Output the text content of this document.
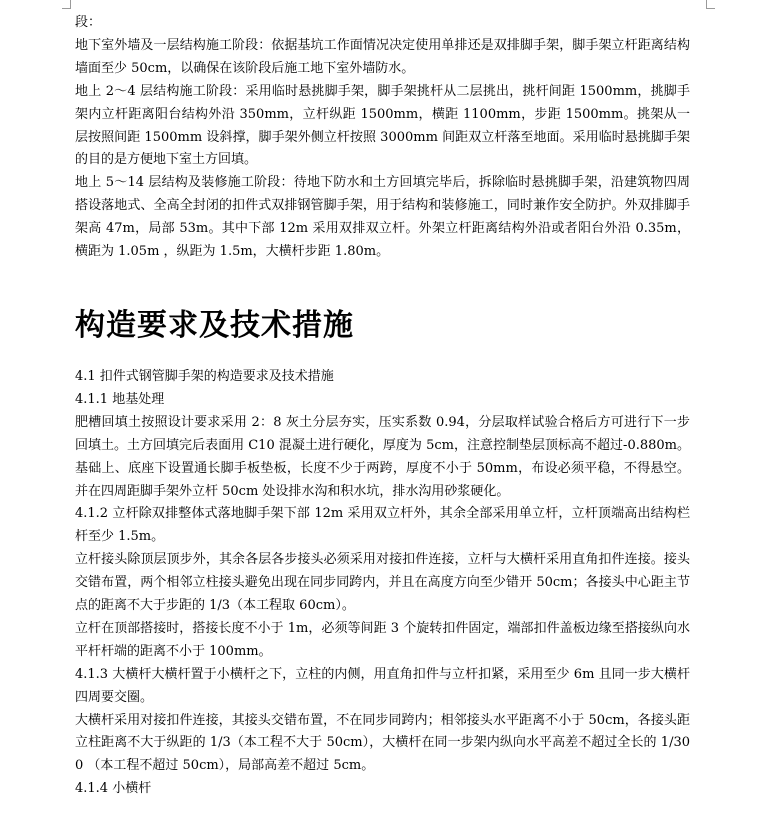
段：

地下室外墙及一层结构施工阶段：依据基坑工作面情况决定使用单排还是双排脚手架，脚手架立杆距离结构墙面至少 50cm，以确保在该阶段后施工地下室外墙防水。

地上 2～4 层结构施工阶段：采用临时悬挑脚手架，脚手架挑杆从二层挑出，挑杆间距 1500mm，挑脚手架内立杆距离阳台结构外沿 350mm，立杆纵距 1500mm，横距 1100mm，步距 1500mm。挑架从一层按照间距 1500mm 设斜撑，脚手架外侧立杆按照 3000mm 间距双立杆落至地面。采用临时悬挑脚手架的目的是方便地下室土方回填。

地上 5～14 层结构及装修施工阶段：待地下防水和土方回填完毕后，拆除临时悬挑脚手架，沿建筑物四周搭设落地式、全高全封闭的扣件式双排钢管脚手架，用于结构和装修施工，同时兼作安全防护。外双排脚手架高 47m，局部 53m。其中下部 12m 采用双排双立杆。外架立杆距离结构外沿或者阳台外沿 0.35m，横距为 1.05m ，纵距为 1.5m，大横杆步距 1.80m。

构造要求及技术措施

4.1 扣件式钢管脚手架的构造要求及技术措施

4.1.1 地基处理

肥槽回填土按照设计要求采用 2：8 灰土分层夯实，压实系数 0.94，分层取样试验合格后方可进行下一步回填土。土方回填完后表面用 C10 混凝土进行硬化，厚度为 5cm，注意控制垫层顶标高不超过-0.880m。基础上、底座下设置通长脚手板垫板，长度不少于两跨，厚度不小于 50mm，布设必须平稳，不得悬空。并在四周距脚手架外立杆 50cm 处设排水沟和积水坑，排水沟用砂浆硬化。

4.1.2 立杆除双排整体式落地脚手架下部 12m 采用双立杆外，其余全部采用单立杆，立杆顶端高出结构栏杆至少 1.5m。

立杆接头除顶层顶步外，其余各层各步接头必须采用对接扣件连接，立杆与大横杆采用直角扣件连接。接头交错布置，两个相邻立柱接头避免出现在同步同跨内，并且在高度方向至少错开 50cm；各接头中心距主节点的距离不大于步距的 1/3（本工程取 60cm）。

立杆在顶部搭接时，搭接长度不小于 1m，必须等间距 3 个旋转扣件固定，端部扣件盖板边缘至搭接纵向水平杆杆端的距离不小于 100mm。

4.1.3 大横杆大横杆置于小横杆之下，立柱的内侧，用直角扣件与立杆扣紧，采用至少 6m 且同一步大横杆四周要交圈。

大横杆采用对接扣件连接，其接头交错布置，不在同步同跨内；相邻接头水平距离不小于 50cm，各接头距立柱距离不大于纵距的 1/3（本工程不大于 50cm），大横杆在同一步架内纵向水平高差不超过全长的 1/300 （本工程不超过 50cm），局部高差不超过 5cm。

4.1.4 小横杆
